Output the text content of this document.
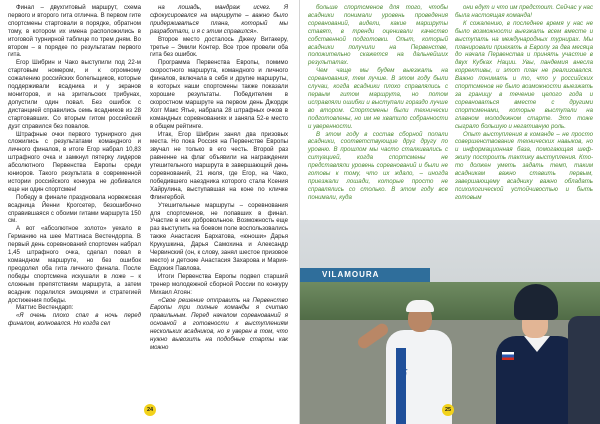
Финал – двухгитовый маршрут, схема первого и второго гита отлична. В первом гите спортсмены стартовали в порядке, обратном тому, в котором их имена расположились в итоговой турнирной таблице по трем дням. Во втором – в порядке по результатам первого гита.

Егор Шибрин и Чако выступили под 22-м стартовым номером, и к огромному сожалению российских болельщиков, которые поддерживали всадника и у экранов мониторов, и на зрительских трибунах, допустили один повал. Без ошибок с дистанцией справились семь всадников из 28 стартовавших. Со вторым гитом российский дуэт справился без повалов.

Штрафные очки первого турнирного дня сложились с результатами командного и личного финалов, в итоге Егор набрал 10,83 штрафного очка и замкнул пятерку лидеров абсолютного Первенства Европы среди юниоров. Такого результата в современной истории российского конкура не добивался еще ни один спортсмен!

Победу в финале праздновала норвежская всадница Йенни Крогсетер, безошибочно справившаяся с обоими гитами маршрута 150 см.

А вот «абсолютное золото» уехало в Германию на шее Маттиаса Вестендорпа. В первый день соревнований спортсмен набрал 1,45 штрафного очка, сделал повал в командном маршруте, но без ошибок преодолел оба гита личного финала. После победы спортсмена искушали в ложе – к сложным препятствиям маршрута, а затем всадник поделился эмоциями и стратегией достижения победы.

Маттис Вестендарп:

«Я очень плохо спал в ночь перед финалом, волновался. Но когда сел

на лошадь, мандраж исчез. Я сфокусировался на маршруте – важно было придерживаться плана, который мы разработали, и я с этим справился».

Второе место досталось Джеку Витакеру, третье – Эмили Контер. Все трое провели оба гита без ошибок.

Программа Первенства Европы, помимо скоростного маршрута, командного и личного финалов, включала в себя и другие маршруты, в которых наши спортсмены также показали хорошие результаты. Победителем в скоростном маршруте на первом день Джордж Хогг Макс Ятье, набрала 28 штрафных очков в командных соревнованиях и заняла 52-е место в общем рейтинге.

Итак, Егор Шибрин занял два призовых места. Но пока Россия на Первенстве Европы звучал не только в его честь. Второй раз равненне на флаг объявили на награждении утешительного маршрута в завершающий день соревнований, 21 июля, где Егор, на Чако, победившего наездника которого стала Ксения Хайрулина, выступавшая на коне по кличке Флингербой.

Утешительные маршруты – соревнования для спортсменов, не попавших в финал. Участие в них добровольное. Возможность еще раз выступить на боевом поле воспользовались также Анастасия Бархатова, «юноши» Дарья Крукушкина, Дарья Самохина и Александр Червинский (он, к слову, занял шестое призовое место) и детские Анастасия Захарова и Мария-Евдокия Павлова.

Итоги Первенства Европы подвел старший тренер молодежной сборной России по конкуру Михаил Атоян:

«Свое решение отправить на Первенство Европы три полные команды я считаю правильным. Перед началом соревнований я основной в готовности к выступлениям нескольких всадников, но я уверен в том, что нужно вывозить на подобные старты как можно

24

больше спортсменов для того, чтобы всадники понимали уровень проведения соревнований, видели, какие маршруты ставят, в тренди оценивали качество собственной подготовки. Опыт, который всадники получили на Первенстве, положительно скажется на дальнейших результатах.

Чем чаще мы будем выезжать на соревнования, тем лучше. В этом году были случаи, когда всадники плохо справлялись с первым гитом маршрута, но потом исправляли ошибки и выступали гораздо лучше во втором. Спортсмены были технически подготовлены, но им не хватило собранности и уверенности.

В этом году в состав сборной попали всадники, соответствующие друг другу по уровню. В прошлом мы часто сталкивались с ситуацией, когда спортсмены не представляли уровень соревнований и были не готовы к тому, что их ждало, – иногда приезжали лошади, которые просто не справлялись со столько. В этом году все понимали, куда

они едут и что им предстоит. Сейчас у нас была настоящая команда!

К сожалению, в последнее время у нас не было возможности выезжать всем вместе и выступать на международных турнирах. Мы планировали приехать в Европу за два месяца до начала Первенства и принять участие в двух Кубках Нации. Увы, пандемия внесла коррективы, и этот план не реализовался. Важно понимать и то, что у российских спортсменов не было возможности выезжать за границу в течение целого года и соревноваться вместе с другими спортсменами, которые выступали на главном молодежном старте. Это тоже сыграло большую и негативную роль.

Опыт выступления в команде – не просто совершенствование технических навыков, но и информационная база, помогающая шеф-экипу построить тактику выступления. Кто-то должен уметь задать темп, таким всадникам важно ставить первым, завершающему всаднику важно обладать психологической устойчивостью и быть готовым

VILAMOURA
RUSSIA
25
